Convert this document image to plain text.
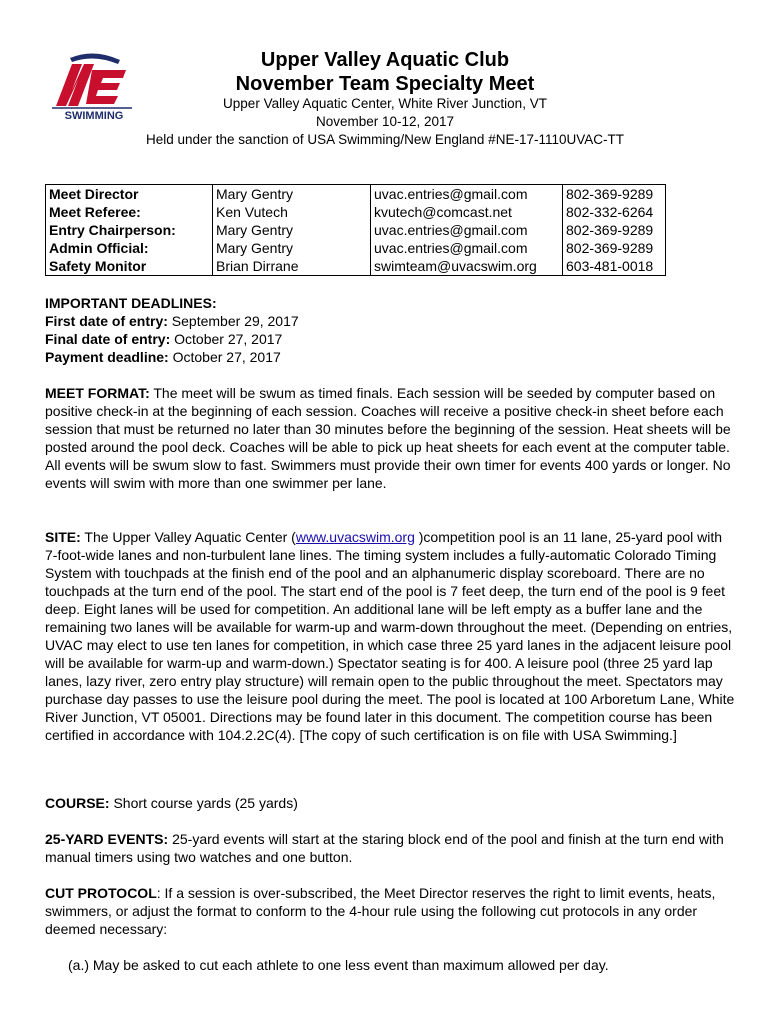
SWIMMING
Upper Valley Aquatic Club
November Team Specialty Meet
Upper Valley Aquatic Center, White River Junction, VT
November 10-12, 2017
Held under the sanction of USA Swimming/New England #NE-17-1110UVAC-TT
Meet Director	Mary Gentry	uvac.entries@gmail.com	802-369-9289
Meet Referee:	Ken Vutech	kvutech@comcast.net	802-332-6264
Entry Chairperson:	Mary Gentry	uvac.entries@gmail.com	802-369-9289
Admin Official:	Mary Gentry	uvac.entries@gmail.com	802-369-9289
Safety Monitor	Brian Dirrane	swimteam@uvacswim.org	603-481-0018
IMPORTANT DEADLINES:
First date of entry: September 29, 2017
Final date of entry: October 27, 2017
Payment deadline: October 27, 2017
MEET FORMAT: The meet will be swum as timed finals. Each session will be seeded by computer based on positive check-in at the beginning of each session. Coaches will receive a positive check-in sheet before each session that must be returned no later than 30 minutes before the beginning of the session. Heat sheets will be posted around the pool deck. Coaches will be able to pick up heat sheets for each event at the computer table. All events will be swum slow to fast. Swimmers must provide their own timer for events 400 yards or longer. No events will swim with more than one swimmer per lane.
SITE: The Upper Valley Aquatic Center (www.uvacswim.org )competition pool is an 11 lane, 25-yard pool with 7-foot-wide lanes and non-turbulent lane lines. The timing system includes a fully-automatic Colorado Timing System with touchpads at the finish end of the pool and an alphanumeric display scoreboard. There are no touchpads at the turn end of the pool. The start end of the pool is 7 feet deep, the turn end of the pool is 9 feet deep. Eight lanes will be used for competition. An additional lane will be left empty as a buffer lane and the remaining two lanes will be available for warm-up and warm-down throughout the meet. (Depending on entries, UVAC may elect to use ten lanes for competition, in which case three 25 yard lanes in the adjacent leisure pool will be available for warm-up and warm-down.) Spectator seating is for 400. A leisure pool (three 25 yard lap lanes, lazy river, zero entry play structure) will remain open to the public throughout the meet. Spectators may purchase day passes to use the leisure pool during the meet. The pool is located at 100 Arboretum Lane, White River Junction, VT 05001. Directions may be found later in this document. The competition course has been certified in accordance with 104.2.2C(4). [The copy of such certification is on file with USA Swimming.]
COURSE: Short course yards (25 yards)
25-YARD EVENTS: 25-yard events will start at the staring block end of the pool and finish at the turn end with manual timers using two watches and one button.
CUT PROTOCOL: If a session is over-subscribed, the Meet Director reserves the right to limit events, heats, swimmers, or adjust the format to conform to the 4-hour rule using the following cut protocols in any order deemed necessary:
(a.) May be asked to cut each athlete to one less event than maximum allowed per day.
